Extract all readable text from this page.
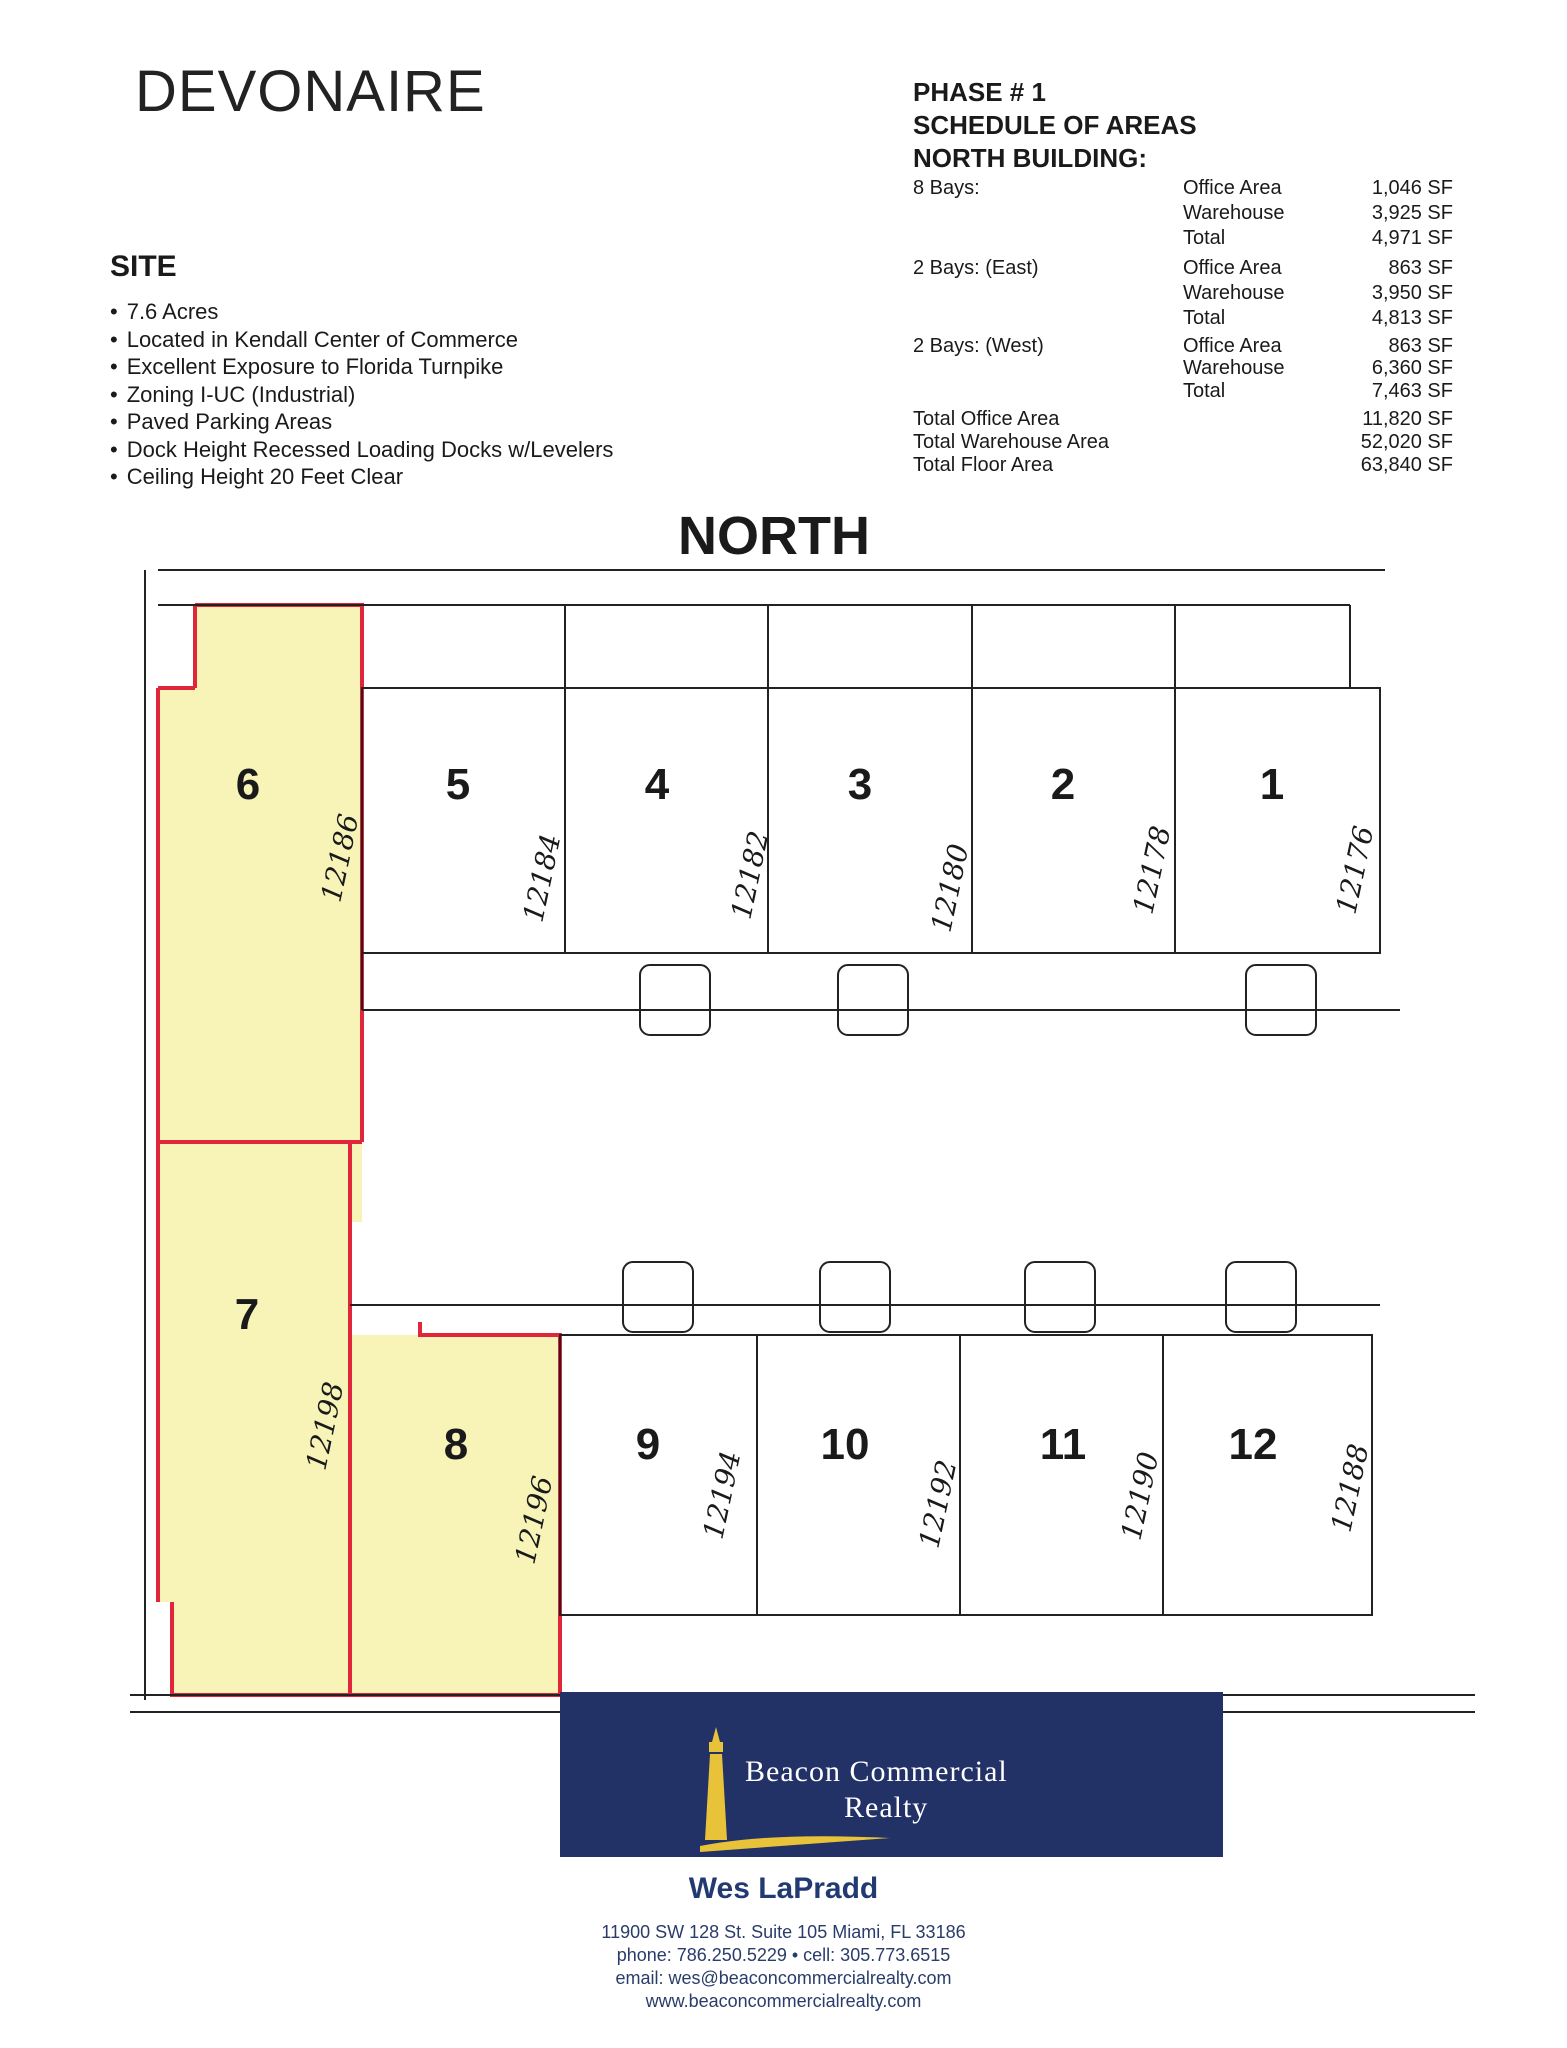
DEVONAIRE
SITE
• 7.6 Acres
• Located in Kendall Center of Commerce
• Excellent Exposure to Florida Turnpike
• Zoning I-UC (Industrial)
• Paved Parking Areas
• Dock Height Recessed Loading Docks w/Levelers
• Ceiling Height 20 Feet Clear
PHASE # 1
SCHEDULE OF AREAS
NORTH BUILDING:
8 Bays:	Office Area	1,046 SF
Warehouse	3,925 SF
Total	4,971 SF
2 Bays: (East)	Office Area	863 SF
Warehouse	3,950 SF
Total	4,813 SF
2 Bays: (West)	Office Area	863 SF
Warehouse	6,360 SF
Total	7,463 SF
Total Office Area	11,820 SF
Total Warehouse Area	52,020 SF
Total Floor Area	63,840 SF
NORTH
1
2
3
4
5
6
7
8	9	10	11	12
12176
12178
12180
12182
12184
12186
12198
12196	12194	12192	12190	12188
Beacon Commercial
Realty
Wes LaPradd
11900 SW 128 St. Suite 105 Miami, FL 33186
phone: 786.250.5229 • cell: 305.773.6515
email: wes@beaconcommercialrealty.com
www.beaconcommercialrealty.com
